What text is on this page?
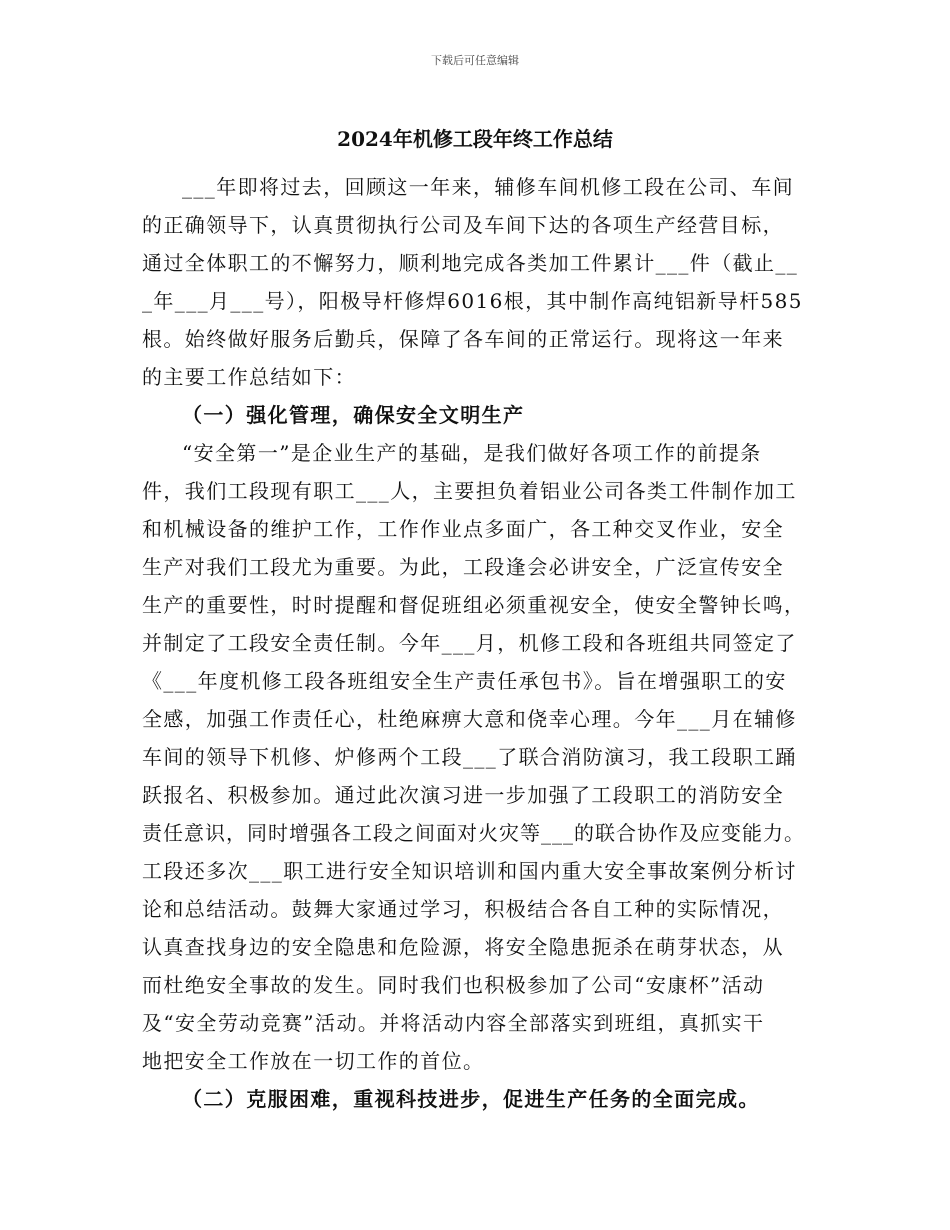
下载后可任意编辑
2024年机修工段年终工作总结
___年即将过去，回顾这一年来，辅修车间机修工段在公司、车间
的正确领导下，认真贯彻执行公司及车间下达的各项生产经营目标，
通过全体职工的不懈努力，顺利地完成各类加工件累计___件（截止__
_年___月___号），阳极导杆修焊6016根，其中制作高纯铝新导杆585
根。始终做好服务后勤兵，保障了各车间的正常运行。现将这一年来
的主要工作总结如下：
（一）强化管理，确保安全文明生产
“安全第一”是企业生产的基础，是我们做好各项工作的前提条
件，我们工段现有职工___人，主要担负着铝业公司各类工件制作加工
和机械设备的维护工作，工作作业点多面广，各工种交叉作业，安全
生产对我们工段尤为重要。为此，工段逢会必讲安全，广泛宣传安全
生产的重要性，时时提醒和督促班组必须重视安全，使安全警钟长鸣，
并制定了工段安全责任制。今年___月，机修工段和各班组共同签定了
《___年度机修工段各班组安全生产责任承包书》。旨在增强职工的安
全感，加强工作责任心，杜绝麻痹大意和侥幸心理。今年___月在辅修
车间的领导下机修、炉修两个工段___了联合消防演习，我工段职工踊
跃报名、积极参加。通过此次演习进一步加强了工段职工的消防安全
责任意识，同时增强各工段之间面对火灾等___的联合协作及应变能力。
工段还多次___职工进行安全知识培训和国内重大安全事故案例分析讨
论和总结活动。鼓舞大家通过学习，积极结合各自工种的实际情况，
认真查找身边的安全隐患和危险源，将安全隐患扼杀在萌芽状态，从
而杜绝安全事故的发生。同时我们也积极参加了公司“安康杯”活动
及“安全劳动竞赛”活动。并将活动内容全部落实到班组，真抓实干
地把安全工作放在一切工作的首位。
（二）克服困难，重视科技进步，促进生产任务的全面完成。
